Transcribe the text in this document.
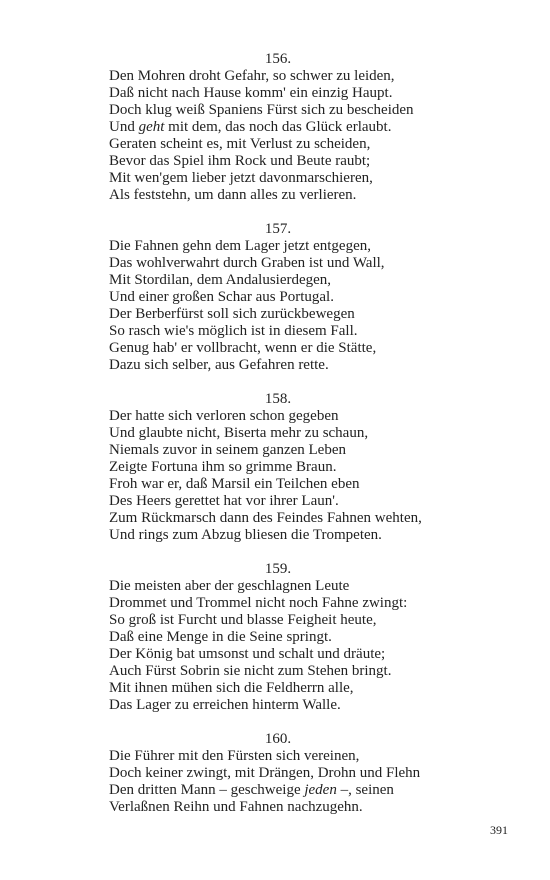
156.
Den Mohren droht Gefahr, so schwer zu leiden,
Daß nicht nach Hause komm' ein einzig Haupt.
Doch klug weiß Spaniens Fürst sich zu bescheiden
Und geht mit dem, das noch das Glück erlaubt.
Geraten scheint es, mit Verlust zu scheiden,
Bevor das Spiel ihm Rock und Beute raubt;
Mit wen'gem lieber jetzt davonmarschieren,
Als feststehn, um dann alles zu verlieren.
157.
Die Fahnen gehn dem Lager jetzt entgegen,
Das wohlverwahrt durch Graben ist und Wall,
Mit Stordilan, dem Andalusierdegen,
Und einer großen Schar aus Portugal.
Der Berberfürst soll sich zurückbewegen
So rasch wie's möglich ist in diesem Fall.
Genug hab' er vollbracht, wenn er die Stätte,
Dazu sich selber, aus Gefahren rette.
158.
Der hatte sich verloren schon gegeben
Und glaubte nicht, Biserta mehr zu schaun,
Niemals zuvor in seinem ganzen Leben
Zeigte Fortuna ihm so grimme Braun.
Froh war er, daß Marsil ein Teilchen eben
Des Heers gerettet hat vor ihrer Laun'.
Zum Rückmarsch dann des Feindes Fahnen wehten,
Und rings zum Abzug bliesen die Trompeten.
159.
Die meisten aber der geschlagnen Leute
Drommet und Trommel nicht noch Fahne zwingt:
So groß ist Furcht und blasse Feigheit heute,
Daß eine Menge in die Seine springt.
Der König bat umsonst und schalt und dräute;
Auch Fürst Sobrin sie nicht zum Stehen bringt.
Mit ihnen mühen sich die Feldherrn alle,
Das Lager zu erreichen hinterm Walle.
160.
Die Führer mit den Fürsten sich vereinen,
Doch keiner zwingt, mit Drängen, Drohn und Flehn
Den dritten Mann – geschweige jeden –, seinen
Verlaßnen Reihn und Fahnen nachzugehn.
391
